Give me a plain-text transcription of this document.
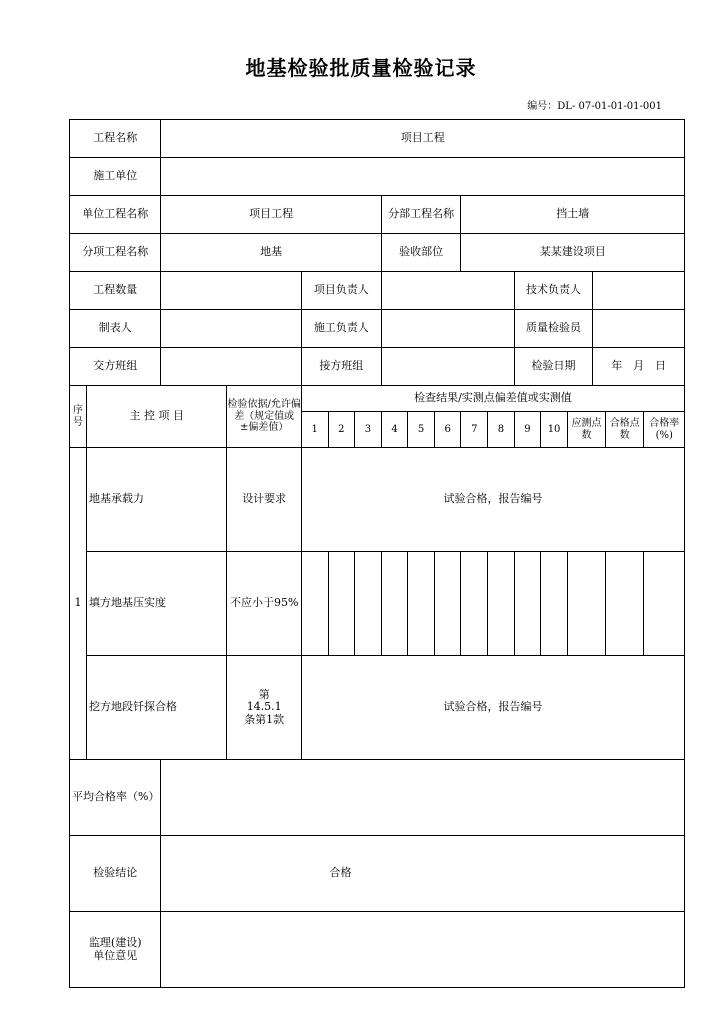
地基检验批质量检验记录
编号：DL- 07-01-01-01-001
工程名称		项目工程															
施工单位																	
单位工程名称		项目工程					分部工程名称			挡土墙							
分项工程名称		地基					验收部位			某某建设项目							
工程数量				项目负责人								技术负责人					
制表人				施工负责人								质量检验员					
交方班组				接方班组								检验日期			年　月　日		
序号	主 控 项 目		检验依据/允许偏差（规定值或±偏差值）	检查结果/实测点偏差值或实测值													
				1	2	3	4	5	6	7	8	9	10	应测点数		合格点数	合格率(%)
1	地基承载力		设计要求	试验合格，报告编号													
	填方地基压实度		不应小于95%														
	挖方地段钎探合格		第14.5.1条第1款	试验合格，报告编号													
平均合格率（%）																	
检验结论		合格															
监理(建设)单位意见																	
